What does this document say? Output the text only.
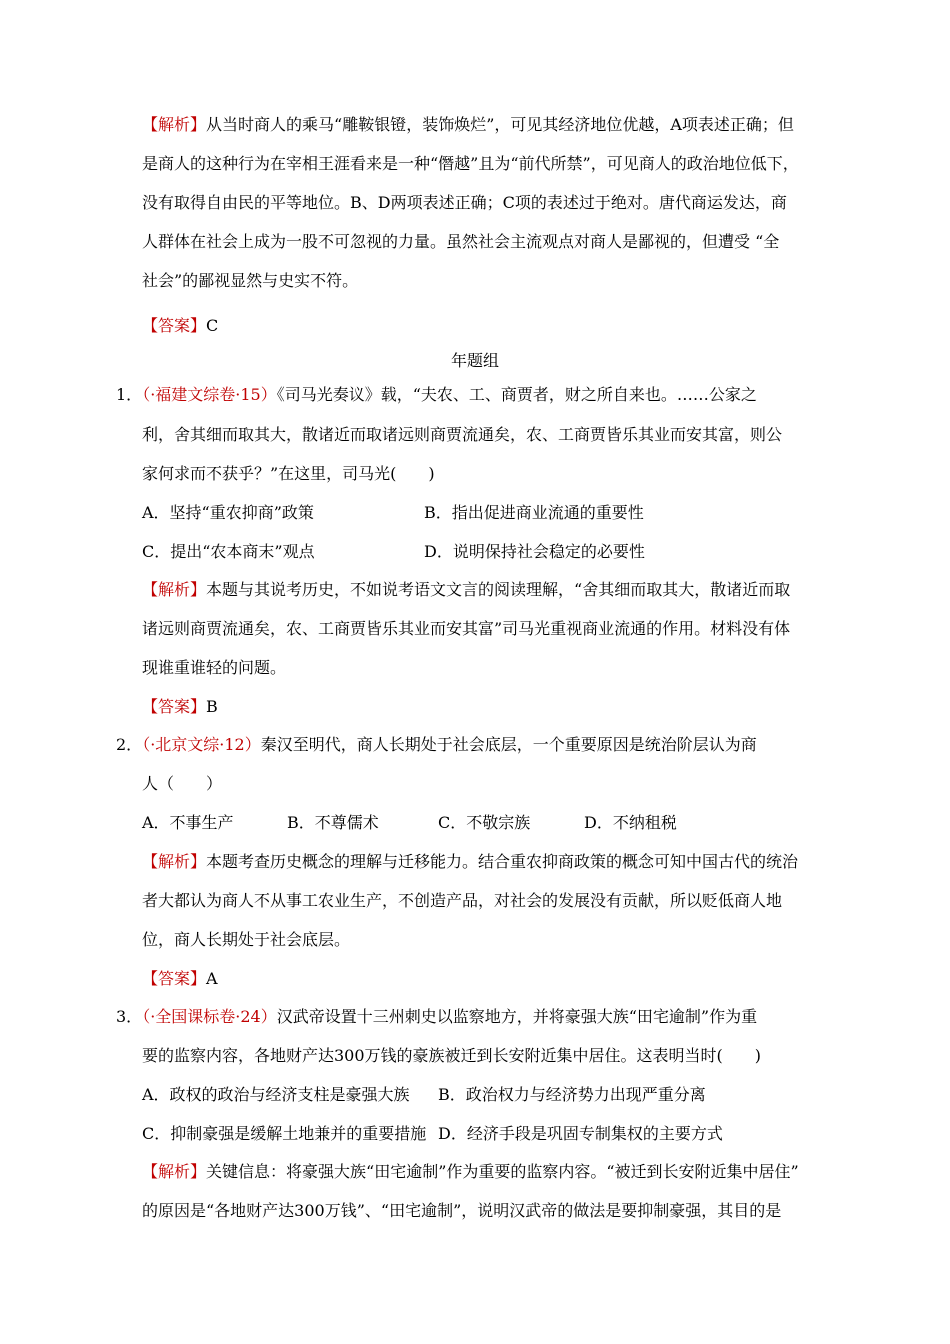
【解析】从当时商人的乘马“雕鞍银镫，装饰焕烂”，可见其经济地位优越，A项表述正确；但
是商人的这种行为在宰相王涯看来是一种“僭越”且为“前代所禁”，可见商人的政治地位低下，
没有取得自由民的平等地位。B、D两项表述正确；C项的表述过于绝对。唐代商运发达，商
人群体在社会上成为一股不可忽视的力量。虽然社会主流观点对商人是鄙视的，但遭受 “全
社会”的鄙视显然与史实不符。
【答案】C
年题组
1．（·福建文综卷·15）《司马光奏议》载，“夫农、工、商贾者，财之所自来也。……公家之
利，舍其细而取其大，散诸近而取诸远则商贾流通矣，农、工商贾皆乐其业而安其富，则公
家何求而不获乎？”在这里，司马光(　　)
A．坚持“重农抑商”政策	B．指出促进商业流通的重要性
C．提出“农本商末”观点	D．说明保持社会稳定的必要性
【解析】本题与其说考历史，不如说考语文文言的阅读理解，“舍其细而取其大，散诸近而取
诸远则商贾流通矣，农、工商贾皆乐其业而安其富”司马光重视商业流通的作用。材料没有体
现谁重谁轻的问题。
【答案】B
2．（·北京文综·12）秦汉至明代，商人长期处于社会底层，一个重要原因是统治阶层认为商
人（　　）
A．不事生产	B．不尊儒术	C．不敬宗族	D．不纳租税
【解析】本题考查历史概念的理解与迁移能力。结合重农抑商政策的概念可知中国古代的统治
者大都认为商人不从事工农业生产，不创造产品，对社会的发展没有贡献，所以贬低商人地
位，商人长期处于社会底层。
【答案】A
3．（·全国课标卷·24）汉武帝设置十三州刺史以监察地方，并将豪强大族“田宅逾制”作为重
要的监察内容，各地财产达300万钱的豪族被迁到长安附近集中居住。这表明当时(　　)
A．政权的政治与经济支柱是豪强大族 B．政治权力与经济势力出现严重分离
C．抑制豪强是缓解土地兼并的重要措施 D．经济手段是巩固专制集权的主要方式
【解析】关键信息：将豪强大族“田宅逾制”作为重要的监察内容。“被迁到长安附近集中居住”
的原因是“各地财产达300万钱”、“田宅逾制”，说明汉武帝的做法是要抑制豪强，其目的是
